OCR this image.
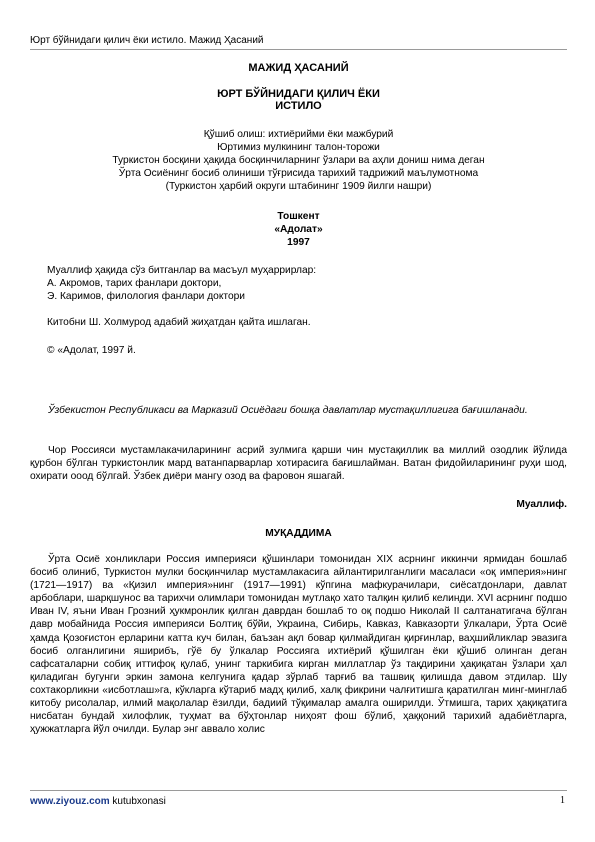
Юрт бўйнидаги қилич ёки истило. Мажид Ҳасаний
МАЖИД ҲАСАНИЙ
ЮРТ БЎЙНИДАГИ ҚИЛИЧ ЁКИ
ИСТИЛО
Қўшиб олиш: ихтиёрийми ёки мажбурий
Юртимиз мулкининг талон-торожи
Туркистон босқини ҳақида босқинчиларнинг ўзлари ва аҳли дониш нима деган
Ўрта Осиёнинг босиб олиниши тўғрисида тарихий тадрижий маълумотнома
(Туркистон ҳарбий округи штабининг 1909 йилги нашри)
Тошкент
«Адолат»
1997
Муаллиф ҳақида сўз битганлар ва масъул муҳаррирлар:
А. Акромов, тарих фанлари доктори,
Э. Каримов, филология фанлари доктори
Китобни Ш. Холмурод адабий жиҳатдан қайта ишлаган.
© «Адолат, 1997 й.
Ўзбекистон Республикаси ва Марказий Осиёдаги бошқа давлатлар мустақиллигига бағишланади.
Чор Россияси мустамлакачиларининг асрий зулмига қарши чин мустақиллик ва миллий озодлик йўлида қурбон бўлган туркистонлик мард ватанпарварлар хотирасига бағишлайман. Ватан фидойиларининг руҳи шод, охирати ооод бўлгай. Ўзбек диёри мангу озод ва фаровон яшагай.
Муаллиф.
МУҚАДДИМА
Ўрта Осиё хонликлари Россия империяси қўшинлари томонидан XIX асрнинг иккинчи ярмидан бошлаб босиб олиниб, Туркистон мулки босқинчилар мустамлакасига айлантирилганлиги масаласи «оқ империя»нинг (1721—1917) ва «Қизил империя»нинг (1917—1991) кўпгина мафкурачилари, сиёсатдонлари, давлат арбоблари, шарқшунос ва тарихчи олимлари томонидан мутлақо хато талқин қилиб келинди. XVI асрнинг подшо Иван IV, яъни Иван Грозний ҳукмронлик қилган даврдан бошлаб то оқ подшо Николай II салтанатигача бўлган давр мобайнида Россия империяси Болтиқ бўйи, Украина, Сибирь, Кавказ, Кавказорти ўлкалари, Ўрта Осиё ҳамда Қозоғистон ерларини катта куч билан, баъзан ақл бовар қилмайдиган қирғинлар, ваҳшийликлар эвазига босиб олганлигини яширибъ, гўё бу ўлкалар Россияга ихтиёрий қўшилган ёки қўшиб олинган деган сафсаталарни собиқ иттифоқ қулаб, унинг таркибига кирган миллатлар ўз тақдирини ҳақиқатан ўзлари ҳал қиладиган бугунги эркин замона келгунига қадар зўрлаб тарғиб ва ташвиқ қилишда давом этдилар. Шу сохтакорликни «исботлаш»га, кўкларга кўтариб мадҳ қилиб, халқ фикрини чалғитишга қаратилган минг-минглаб китобу рисолалар, илмий мақолалар ёзилди, бадиий тўқималар амалга оширилди. Ўтмишга, тарих ҳақиқатига нисбатан бундай хилофлик, туҳмат ва бўҳтонлар ниҳоят фош бўлиб, ҳаққоний тарихий адабиётларга, ҳужжатларга йўл очилди. Булар энг аввало холис
www.ziyouz.com kutubxonasi	1
